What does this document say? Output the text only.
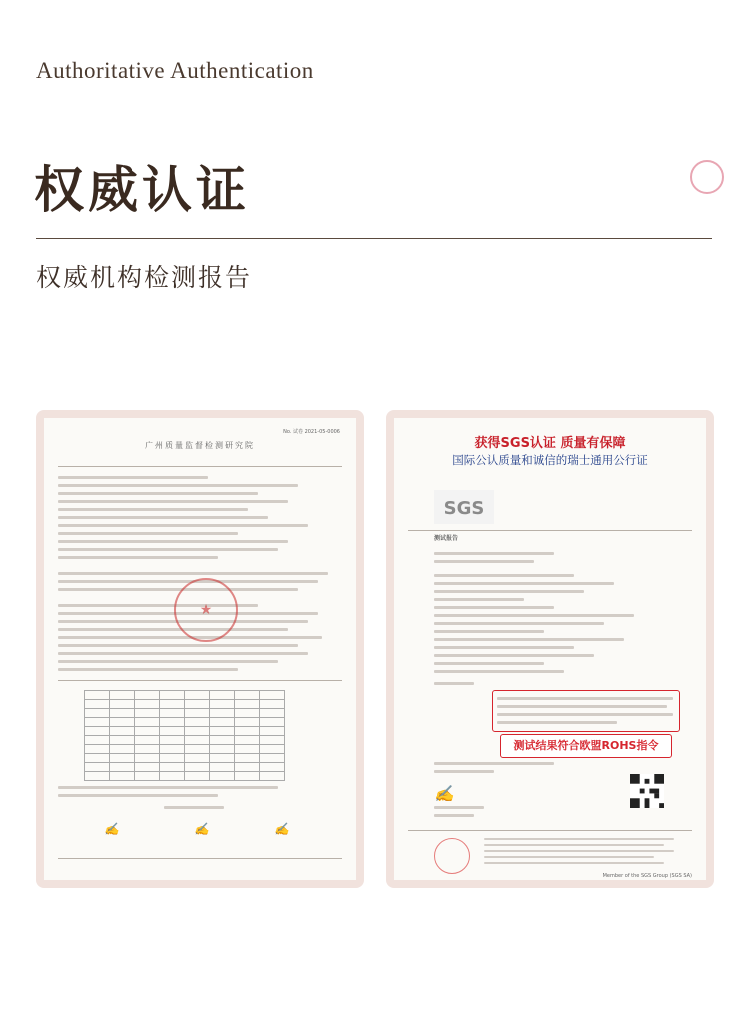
Authoritative Authentication
权威认证
权威机构检测报告
No. 试卷 2021-05-0006
广州质量监督检测研究院
★

✍	✍	✍
获得SGS认证 质量有保障
国际公认质量和诚信的瑞士通用公行证
SGS
测试报告
测试结果符合欧盟ROHS指令
✍
Member of the SGS Group (SGS SA)
